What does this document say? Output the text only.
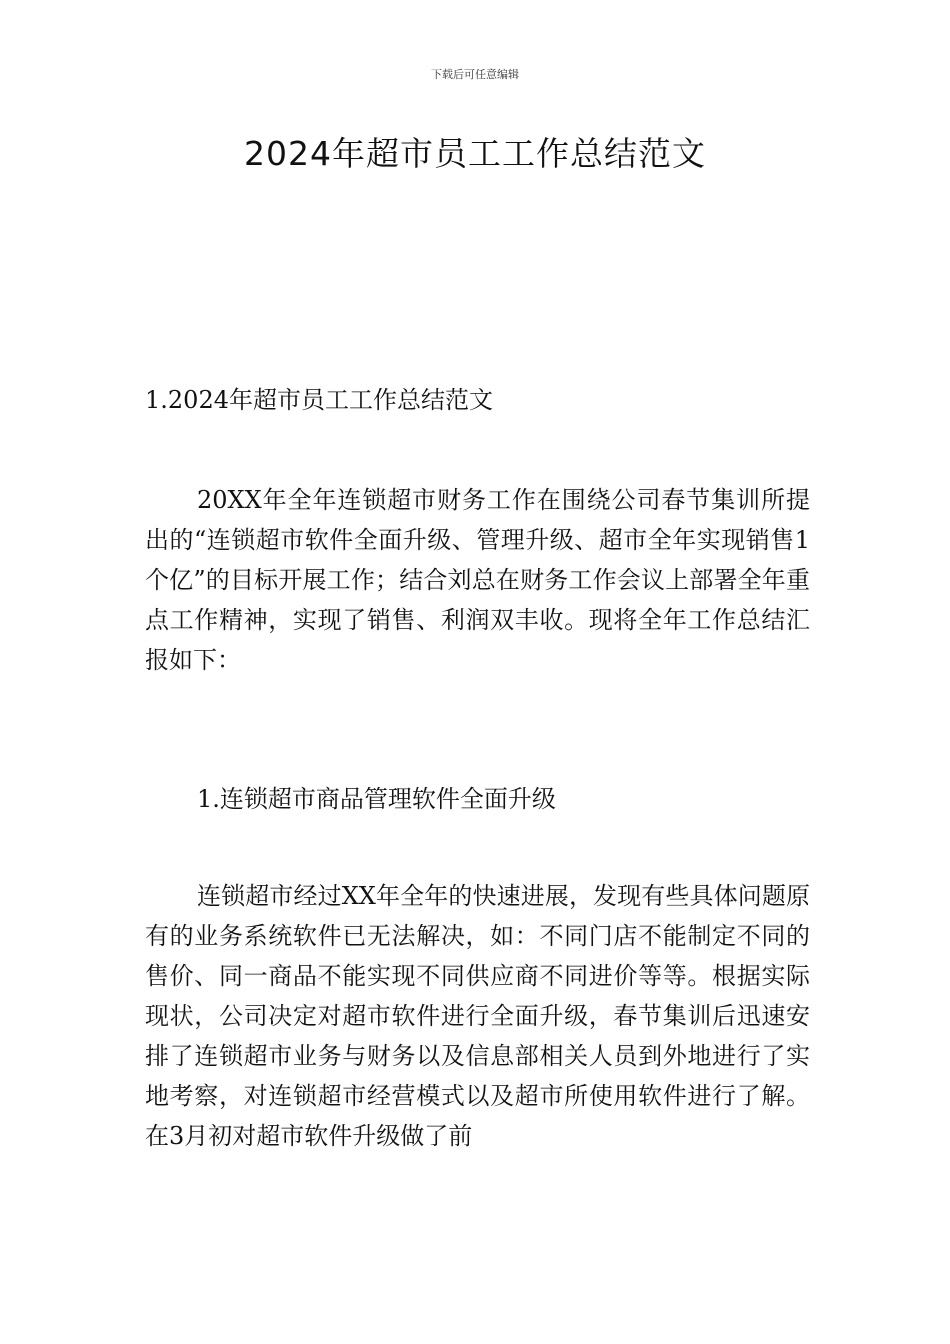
下载后可任意编辑
2024年超市员工工作总结范文
1.2024年超市员工工作总结范文

20XX年全年连锁超市财务工作在围绕公司春节集训所提出的“连锁超市软件全面升级、管理升级、超市全年实现销售1个亿”的目标开展工作；结合刘总在财务工作会议上部署全年重点工作精神，实现了销售、利润双丰收。现将全年工作总结汇报如下：

1.连锁超市商品管理软件全面升级

连锁超市经过XX年全年的快速进展，发现有些具体问题原有的业务系统软件已无法解决，如：不同门店不能制定不同的售价、同一商品不能实现不同供应商不同进价等等。根据实际现状，公司决定对超市软件进行全面升级，春节集训后迅速安排了连锁超市业务与财务以及信息部相关人员到外地进行了实地考察，对连锁超市经营模式以及超市所使用软件进行了解。在3月初对超市软件升级做了前
